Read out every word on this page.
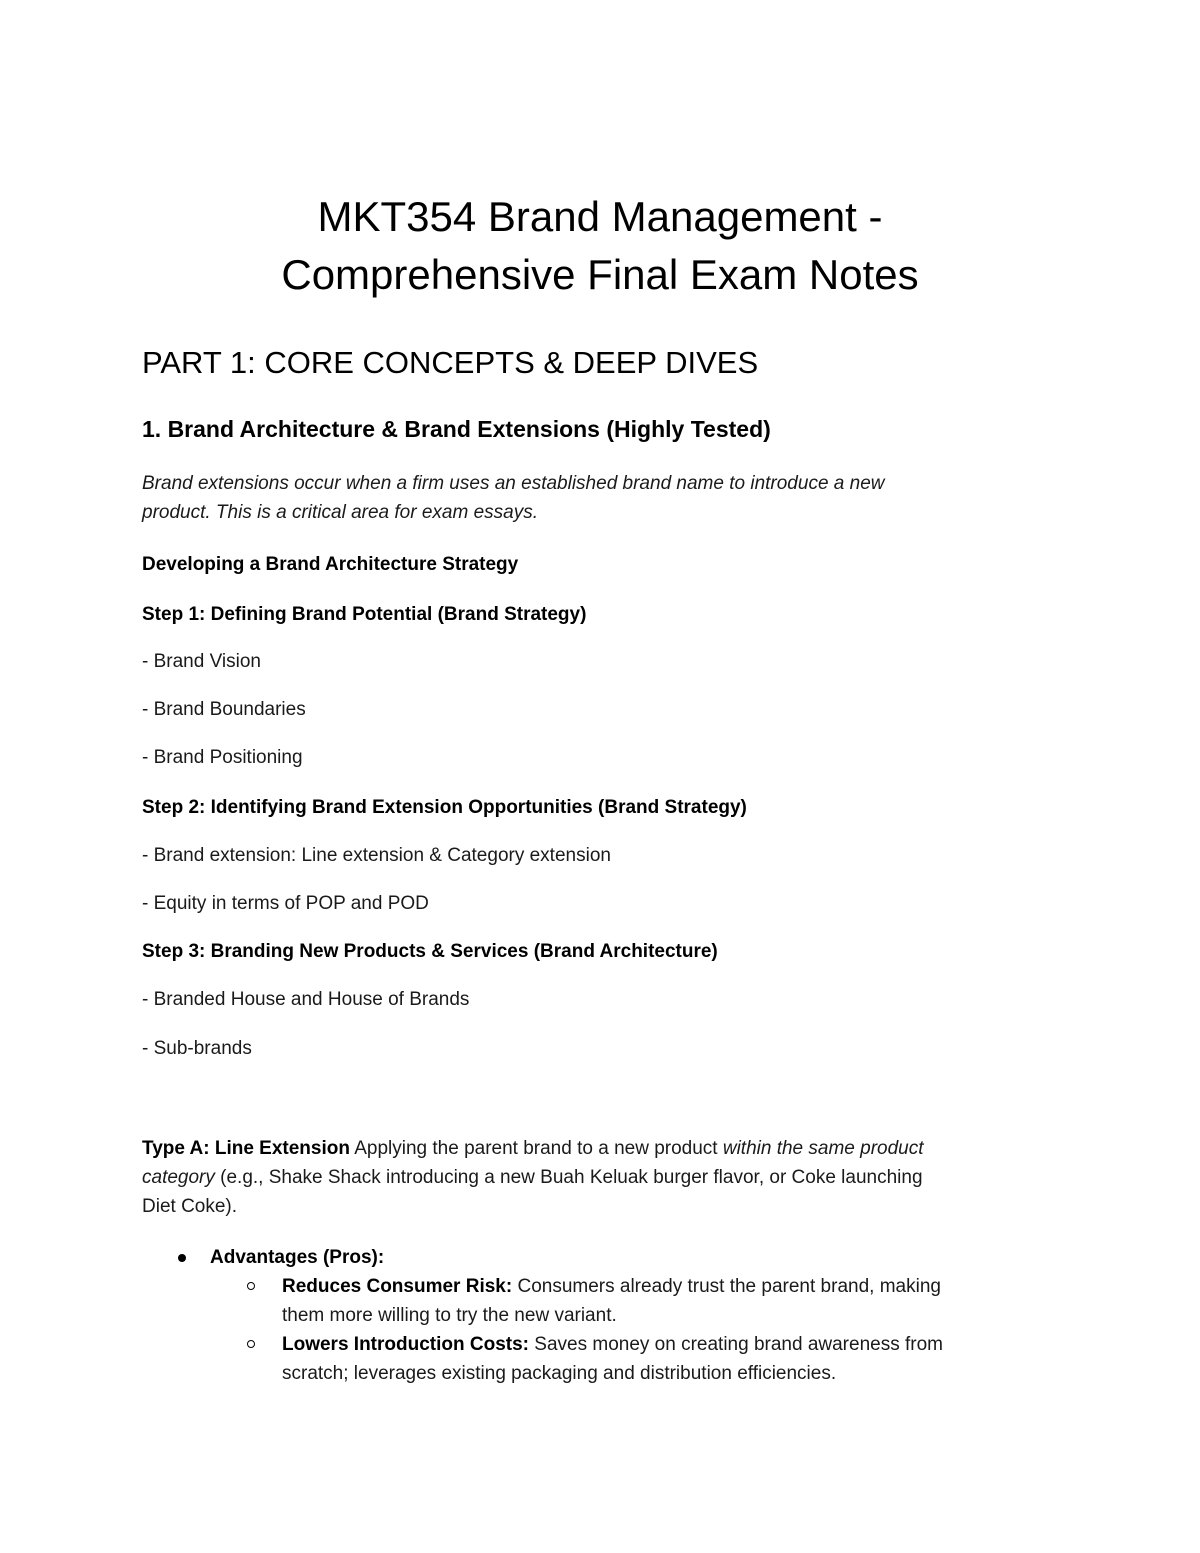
MKT354 Brand Management -
Comprehensive Final Exam Notes
PART 1: CORE CONCEPTS & DEEP DIVES
1. Brand Architecture & Brand Extensions (Highly Tested)

Brand extensions occur when a firm uses an established brand name to introduce a new

product. This is a critical area for exam essays.

Developing a Brand Architecture Strategy

Step 1: Defining Brand Potential (Brand Strategy)

- Brand Vision

- Brand Boundaries

- Brand Positioning

Step 2: Identifying Brand Extension Opportunities (Brand Strategy)

- Brand extension: Line extension & Category extension

- Equity in terms of POP and POD

Step 3: Branding New Products & Services (Brand Architecture)

- Branded House and House of Brands

- Sub-brands

Type A: Line Extension Applying the parent brand to a new product within the same product

category (e.g., Shake Shack introducing a new Buah Keluak burger flavor, or Coke launching

Diet Coke).

Advantages (Pros):
Reduces Consumer Risk: Consumers already trust the parent brand, making
them more willing to try the new variant.
Lowers Introduction Costs: Saves money on creating brand awareness from
scratch; leverages existing packaging and distribution efficiencies.
